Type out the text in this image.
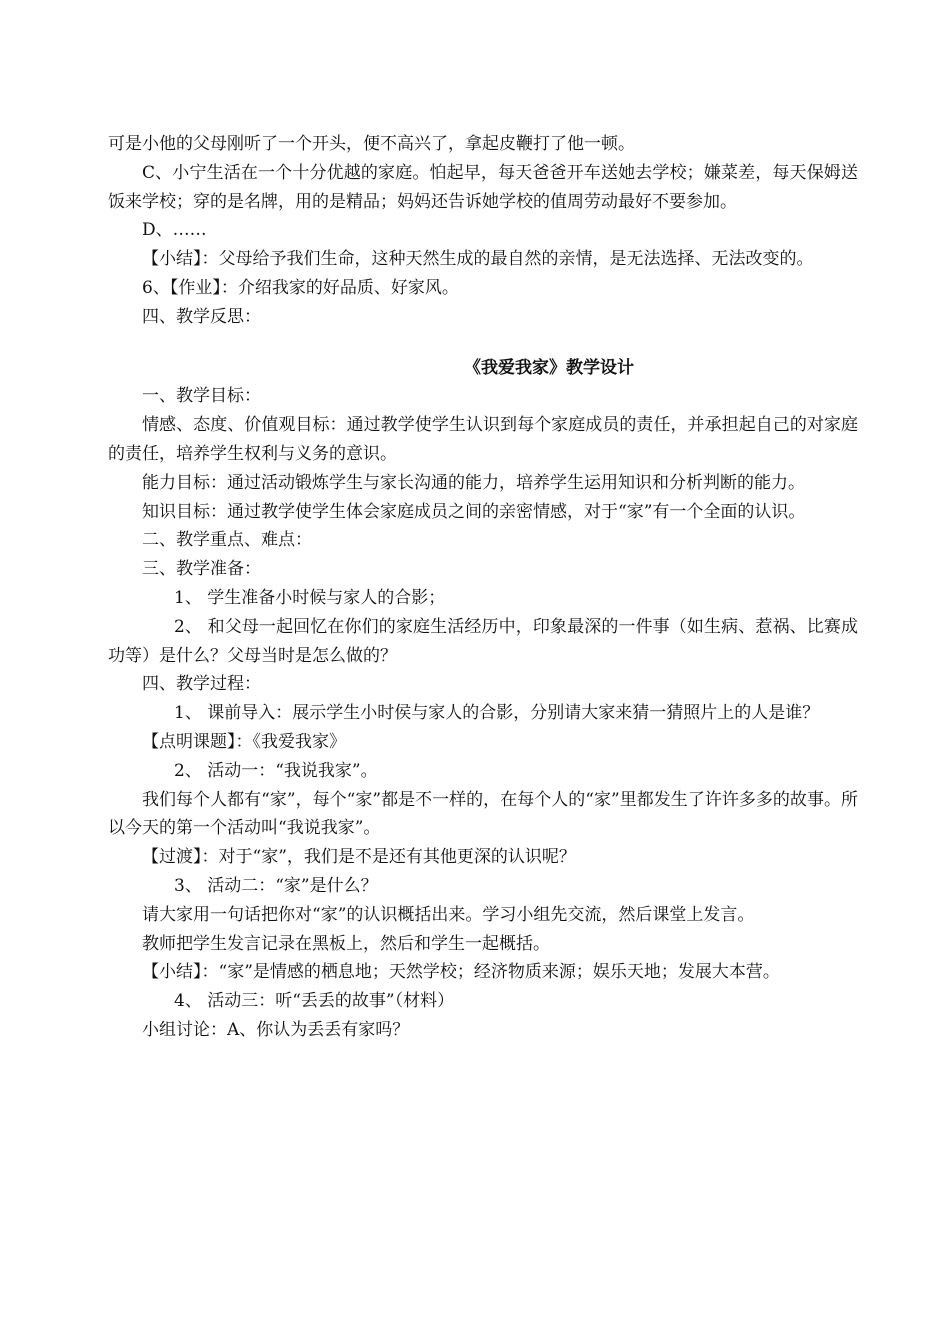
可是小他的父母刚听了一个开头，便不高兴了，拿起皮鞭打了他一顿。

C、小宁生活在一个十分优越的家庭。怕起早，每天爸爸开车送她去学校；嫌菜差，每天保姆送饭来学校；穿的是名牌，用的是精品；妈妈还告诉她学校的值周劳动最好不要参加。

D、……

【小结】：父母给予我们生命，这种天然生成的最自然的亲情，是无法选择、无法改变的。

6、【作业】：介绍我家的好品质、好家风。

四、教学反思：

《我爱我家》教学设计

一、教学目标：

情感、态度、价值观目标：通过教学使学生认识到每个家庭成员的责任，并承担起自己的对家庭的责任，培养学生权利与义务的意识。

能力目标：通过活动锻炼学生与家长沟通的能力，培养学生运用知识和分析判断的能力。

知识目标：通过教学使学生体会家庭成员之间的亲密情感，对于“家”有一个全面的认识。

二、教学重点、难点：

三、教学准备：

1、 学生准备小时候与家人的合影；

2、 和父母一起回忆在你们的家庭生活经历中，印象最深的一件事（如生病、惹祸、比赛成功等）是什么？父母当时是怎么做的？

四、教学过程：

1、 课前导入：展示学生小时侯与家人的合影，分别请大家来猜一猜照片上的人是谁？

【点明课题】：《我爱我家》

2、 活动一：“我说我家”。

我们每个人都有“家”，每个“家”都是不一样的，在每个人的“家”里都发生了许许多多的故事。所以今天的第一个活动叫“我说我家”。

【过渡】：对于“家”，我们是不是还有其他更深的认识呢？

3、 活动二：“家”是什么？

请大家用一句话把你对“家”的认识概括出来。学习小组先交流，然后课堂上发言。

教师把学生发言记录在黑板上，然后和学生一起概括。

【小结】：“家”是情感的栖息地；天然学校；经济物质来源；娱乐天地；发展大本营。

4、 活动三：听“丢丢的故事”（材料）

小组讨论：A、你认为丢丢有家吗？
